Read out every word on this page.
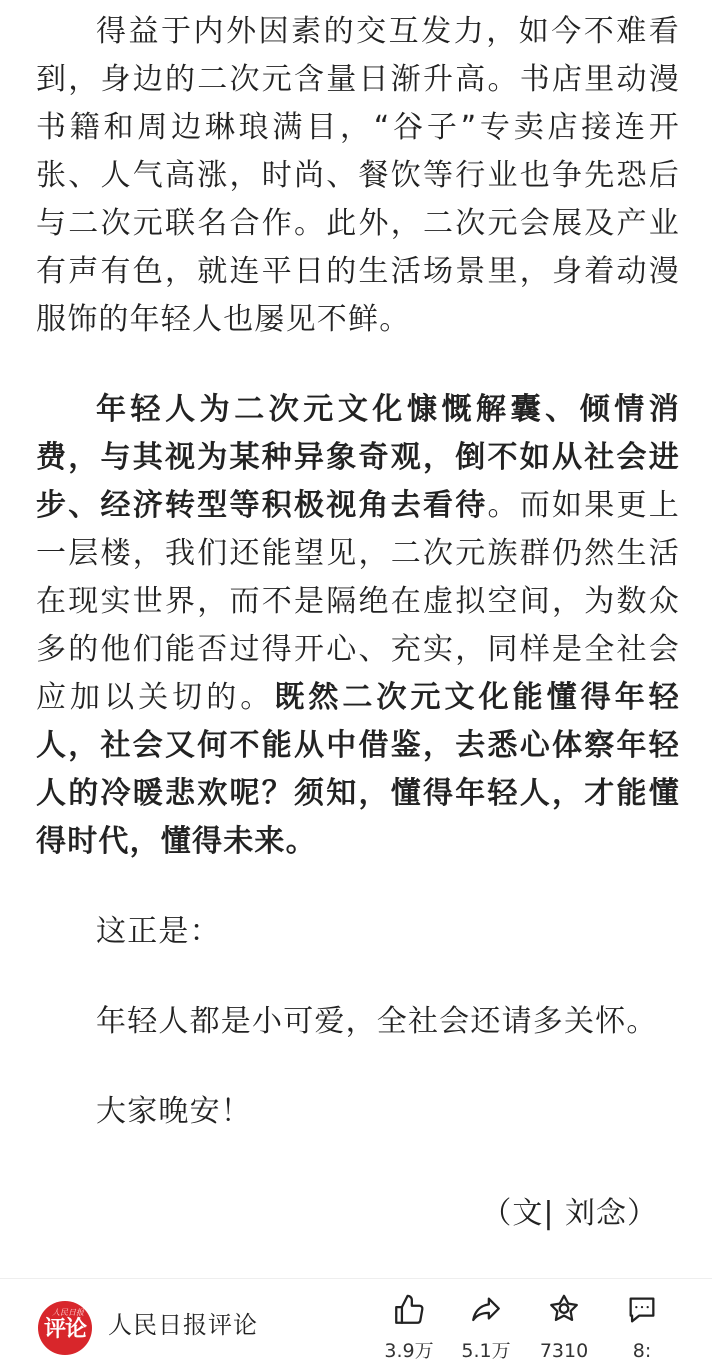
得益于内外因素的交互发力，如今不难看到，身边的二次元含量日渐升高。书店里动漫书籍和周边琳琅满目，“谷子”专卖店接连开张、人气高涨，时尚、餐饮等行业也争先恐后与二次元联名合作。此外，二次元会展及产业有声有色，就连平日的生活场景里，身着动漫服饰的年轻人也屡见不鲜。

年轻人为二次元文化慷慨解囊、倾情消费，与其视为某种异象奇观，倒不如从社会进步、经济转型等积极视角去看待。而如果更上一层楼，我们还能望见，二次元族群仍然生活在现实世界，而不是隔绝在虚拟空间，为数众多的他们能否过得开心、充实，同样是全社会应加以关切的。既然二次元文化能懂得年轻人，社会又何不能从中借鉴，去悉心体察年轻人的冷暖悲欢呢？须知，懂得年轻人，才能懂得时代，懂得未来。

这正是：

年轻人都是小可爱，全社会还请多关怀。

大家晚安！

（文| 刘念）
人民日报
评论 人民日报评论
3.9万	5.1万	7310	8:
